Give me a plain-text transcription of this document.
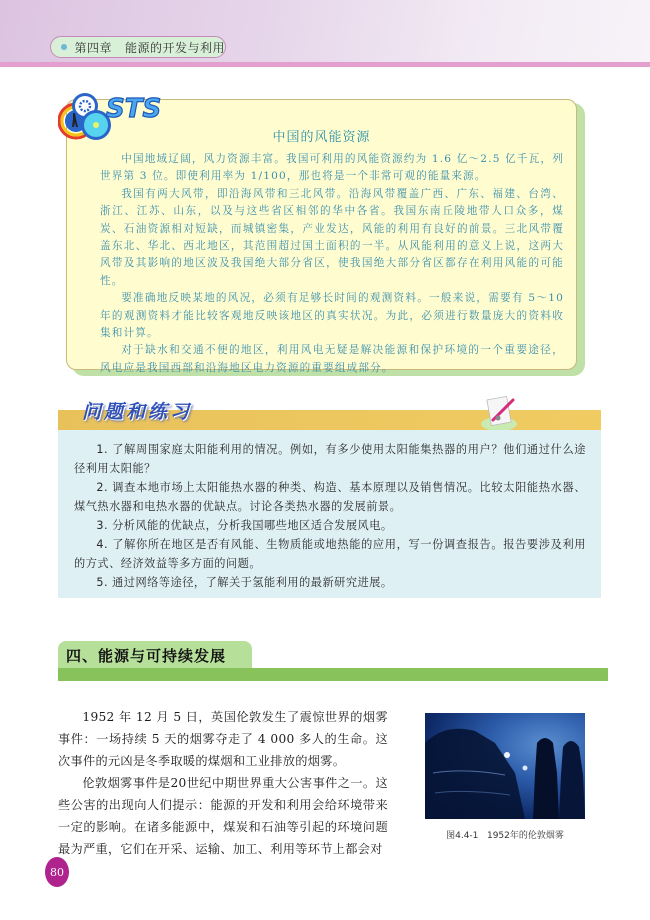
第四章   能源的开发与利用
STS
中国的风能资源

中国地域辽阔，风力资源丰富。我国可利用的风能资源约为 1.6 亿～2.5 亿千瓦，列世界第 3 位。即使利用率为 1/100，那也将是一个非常可观的能量来源。

我国有两大风带，即沿海风带和三北风带。沿海风带覆盖广西、广东、福建、台湾、浙江、江苏、山东，以及与这些省区相邻的华中各省。我国东南丘陵地带人口众多，煤炭、石油资源相对短缺，而城镇密集，产业发达，风能的利用有良好的前景。三北风带覆盖东北、华北、西北地区，其范围超过国土面积的一半。从风能利用的意义上说，这两大风带及其影响的地区波及我国绝大部分省区，使我国绝大部分省区都存在利用风能的可能性。

要准确地反映某地的风况，必须有足够长时间的观测资料。一般来说，需要有 5～10 年的观测资料才能比较客观地反映该地区的真实状况。为此，必须进行数量庞大的资料收集和计算。

对于缺水和交通不便的地区，利用风电无疑是解决能源和保护环境的一个重要途径，风电应是我国西部和沿海地区电力资源的重要组成部分。

问题和练习

1. 了解周围家庭太阳能利用的情况。例如，有多少使用太阳能集热器的用户？他们通过什么途径利用太阳能？

2. 调查本地市场上太阳能热水器的种类、构造、基本原理以及销售情况。比较太阳能热水器、煤气热水器和电热水器的优缺点。讨论各类热水器的发展前景。

3. 分析风能的优缺点，分析我国哪些地区适合发展风电。

4. 了解你所在地区是否有风能、生物质能或地热能的应用，写一份调查报告。报告要涉及利用的方式、经济效益等多方面的问题。

5. 通过网络等途径，了解关于氢能利用的最新研究进展。

四、能源与可持续发展

1952 年 12 月 5 日，英国伦敦发生了震惊世界的烟雾事件：一场持续 5 天的烟雾夺走了 4 000 多人的生命。这次事件的元凶是冬季取暖的煤烟和工业排放的烟雾。

伦敦烟雾事件是20世纪中期世界重大公害事件之一。这些公害的出现向人们提示：能源的开发和利用会给环境带来一定的影响。在诸多能源中，煤炭和石油等引起的环境问题最为严重，它们在开采、运输、加工、利用等环节上都会对

图4.4-1   1952年的伦敦烟雾
80
